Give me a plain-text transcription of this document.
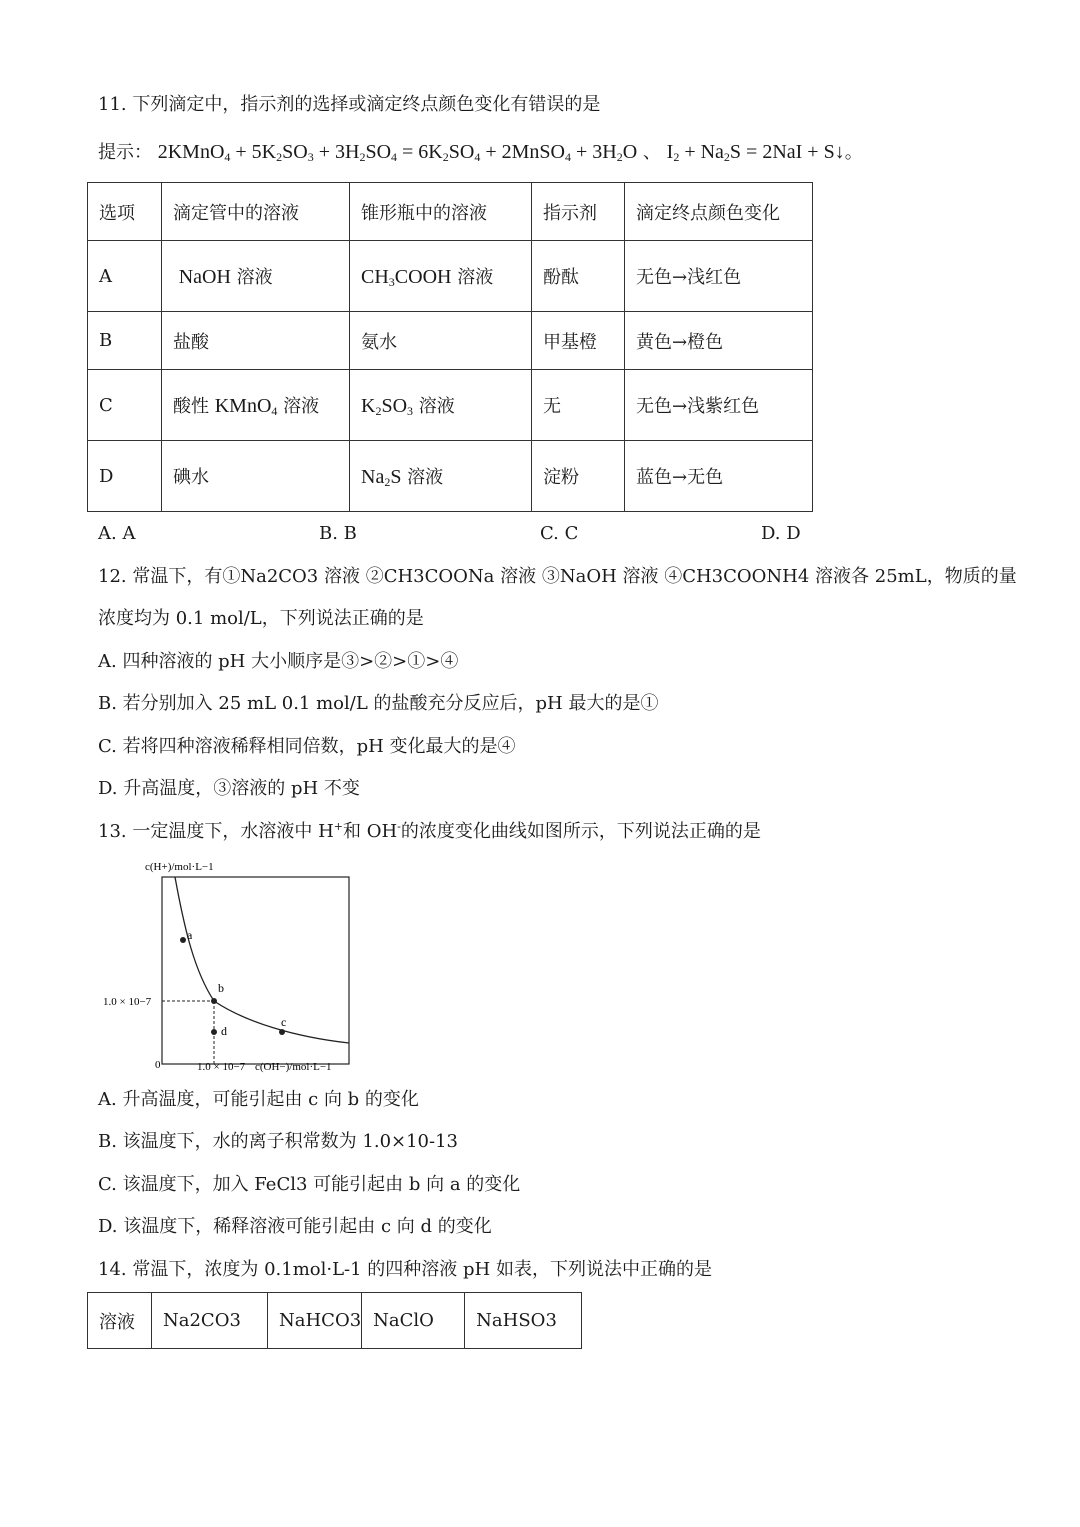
11. 下列滴定中，指示剂的选择或滴定终点颜色变化有错误的是
提示： 2KMnO$_4$ + $5K_2SO_3 + 3H_2SO_4 = 6K_2SO_4$ + 2MnSO$_4$ + $3H_2O$ 、 $I_2 + Na_2S = 2NaI$ + S↓。
选项	滴定管中的溶液	锥形瓶中的溶液	指示剂	滴定终点颜色变化
A	NaOH 溶液	$CH_3COOH$ 溶液	酚酞	无色→浅红色
B	盐酸	氨水	甲基橙	黄色→橙色
C	酸性 KMnO$_4$ 溶液	$K_2SO_3$ 溶液	无	无色→浅紫红色
D	碘水	$Na_2S$ 溶液	淀粉	蓝色→无色
A. A	B. B	C. C	D. D
12. 常温下，有①Na2CO3 溶液 ②CH3COONa 溶液 ③NaOH 溶液 ④CH3COONH4 溶液各 25mL，物质的量
浓度均为 0.1 mol/L，下列说法正确的是
A. 四种溶液的 pH 大小顺序是③>②>①>④
B. 若分别加入 25 mL 0.1 mol/L 的盐酸充分反应后，pH 最大的是①
C. 若将四种溶液稀释相同倍数，pH 变化最大的是④
D. 升高温度，③溶液的 pH 不变
13. 一定温度下，水溶液中 H+和 OH-的浓度变化曲线如图所示，下列说法正确的是
c(H+)/mol·L−1
a
b
c
d
1.0 × 10−7
0	1.0 × 10−7 c(OH−)/mol·L−1
A. 升高温度，可能引起由 c 向 b 的变化
B. 该温度下，水的离子积常数为 1.0×10-13
C. 该温度下，加入 FeCl3 可能引起由 b 向 a 的变化
D. 该温度下，稀释溶液可能引起由 c 向 d 的变化
14. 常温下，浓度为 0.1mol·L-1 的四种溶液 pH 如表，下列说法中正确的是
溶液	Na2CO3	NaHCO3	NaClO	NaHSO3
